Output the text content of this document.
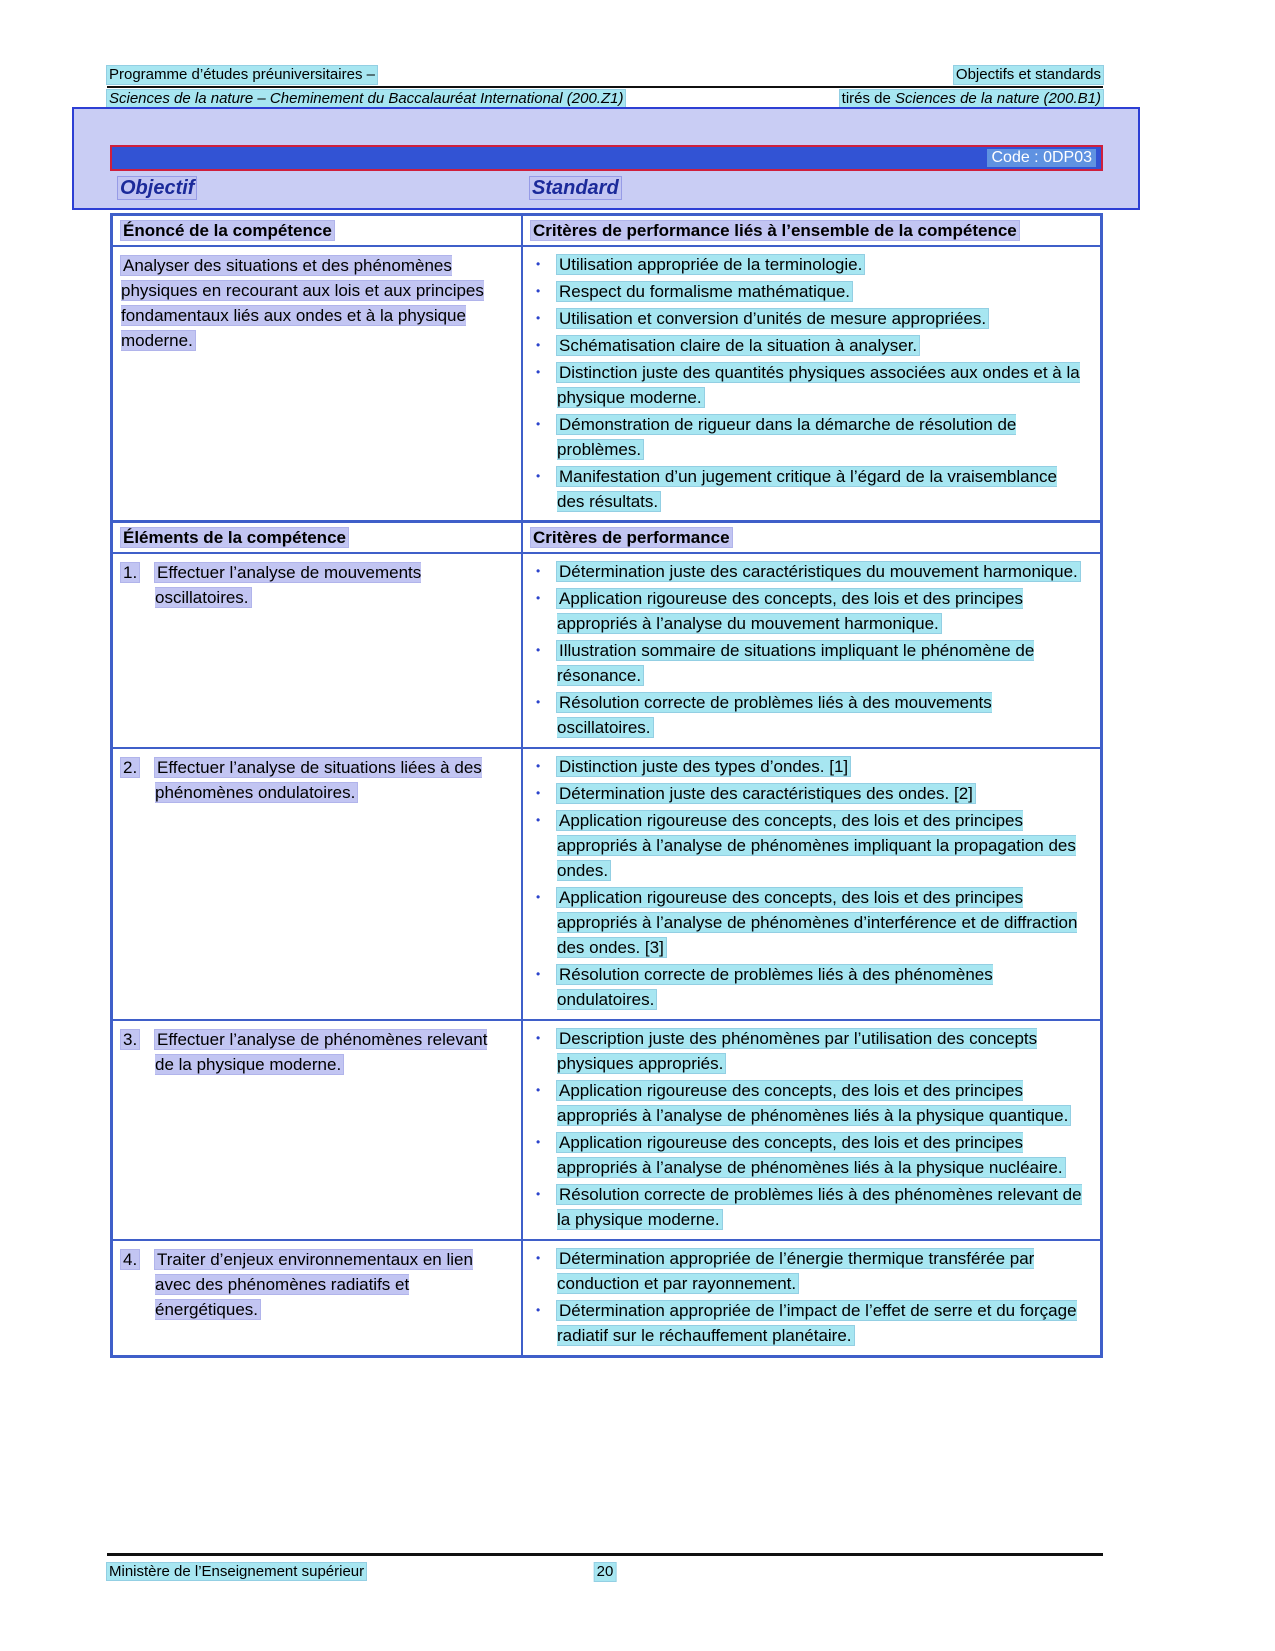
Programme d’études préuniversitaires –	Objectifs et standards
Sciences de la nature – Cheminement du Baccalauréat International (200.Z1)	tirés de Sciences de la nature (200.B1)
Code : 0DP03
Objectif	Standard
Énoncé de la compétence	Critères de performance liés à l’ensemble de la compétence
Analyser des situations et des phénomènes physiques en recourant aux lois et aux principes fondamentaux liés aux ondes et à la physique moderne.
•	Utilisation appropriée de la terminologie.
•	Respect du formalisme mathématique.
•	Utilisation et conversion d’unités de mesure appropriées.
•	Schématisation claire de la situation à analyser.
•	Distinction juste des quantités physiques associées aux ondes et à la physique moderne.
•	Démonstration de rigueur dans la démarche de résolution de problèmes.
•	Manifestation d’un jugement critique à l’égard de la vraisemblance des résultats.
Éléments de la compétence	Critères de performance
1.	Effectuer l’analyse de mouvements oscillatoires.
•	Détermination juste des caractéristiques du mouvement harmonique.
•	Application rigoureuse des concepts, des lois et des principes appropriés à l’analyse du mouvement harmonique.
•	Illustration sommaire de situations impliquant le phénomène de résonance.
•	Résolution correcte de problèmes liés à des mouvements oscillatoires.
2.	Effectuer l’analyse de situations liées à des phénomènes ondulatoires.
•	Distinction juste des types d’ondes. [1]
•	Détermination juste des caractéristiques des ondes. [2]
•	Application rigoureuse des concepts, des lois et des principes appropriés à l’analyse de phénomènes impliquant la propagation des ondes.
•	Application rigoureuse des concepts, des lois et des principes appropriés à l’analyse de phénomènes d’interférence et de diffraction des ondes. [3]
•	Résolution correcte de problèmes liés à des phénomènes ondulatoires.
3.	Effectuer l’analyse de phénomènes relevant de la physique moderne.
•	Description juste des phénomènes par l’utilisation des concepts physiques appropriés.
•	Application rigoureuse des concepts, des lois et des principes appropriés à l’analyse de phénomènes liés à la physique quantique.
•	Application rigoureuse des concepts, des lois et des principes appropriés à l’analyse de phénomènes liés à la physique nucléaire.
•	Résolution correcte de problèmes liés à des phénomènes relevant de la physique moderne.
4.	Traiter d’enjeux environnementaux en lien avec des phénomènes radiatifs et énergétiques.
•	Détermination appropriée de l’énergie thermique transférée par conduction et par rayonnement.
•	Détermination appropriée de l’impact de l’effet de serre et du forçage radiatif sur le réchauffement planétaire.
Ministère de l’Enseignement supérieur	20
